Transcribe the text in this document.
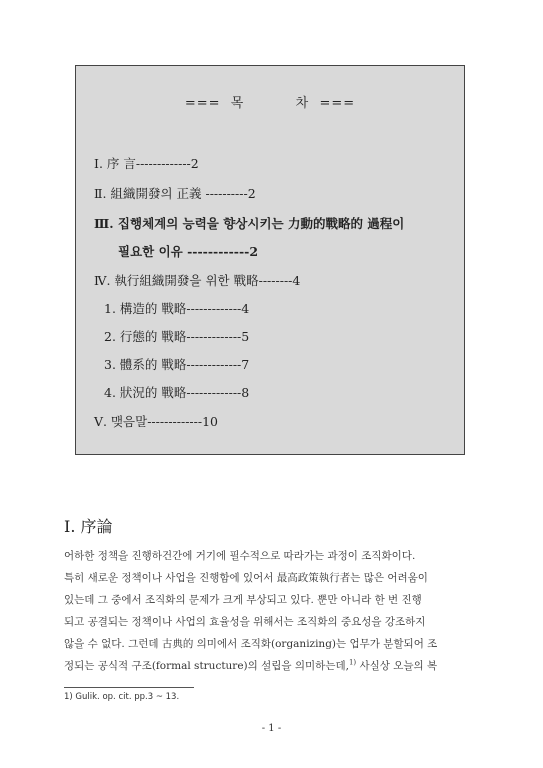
===  목          차  ===
Ⅰ. 序 言-------------2
Ⅱ. 組織開發의 正義 ----------2
Ⅲ. 집행체계의 능력을 향상시키는 力動的戰略的 過程이
필요한 이유 ------------2
Ⅳ. 執行組織開發을 위한 戰略--------4
1. 構造的 戰略-------------4
2. 行態的 戰略-------------5
3. 體系的 戰略-------------7
4. 狀況的 戰略-------------8
Ⅴ. 맺음말-------------10
Ⅰ. 序論
어하한 정책을 진행하건간에 거기에 필수적으로 따라가는 과정이 조직화이다.
특히 새로운 정책이나 사업을 진행함에 있어서 最高政策執行者는 많은 어려움이
있는데 그 중에서 조직화의 문제가 크게 부상되고 있다. 뿐만 아니라 한 번 진행
되고 공결되는 정책이나 사업의 효율성을 위해서는 조직화의 중요성을 강조하지
않을 수 없다. 그런데 古典的 의미에서 조직화(organizing)는 업무가 분할되어 조
정되는 공식적 구조(formal structure)의 설립을 의미하는데,$^{1)}$ 사실상 오늘의 복
1) Gulik. op. cit. pp.3 ~ 13.
- 1 -
